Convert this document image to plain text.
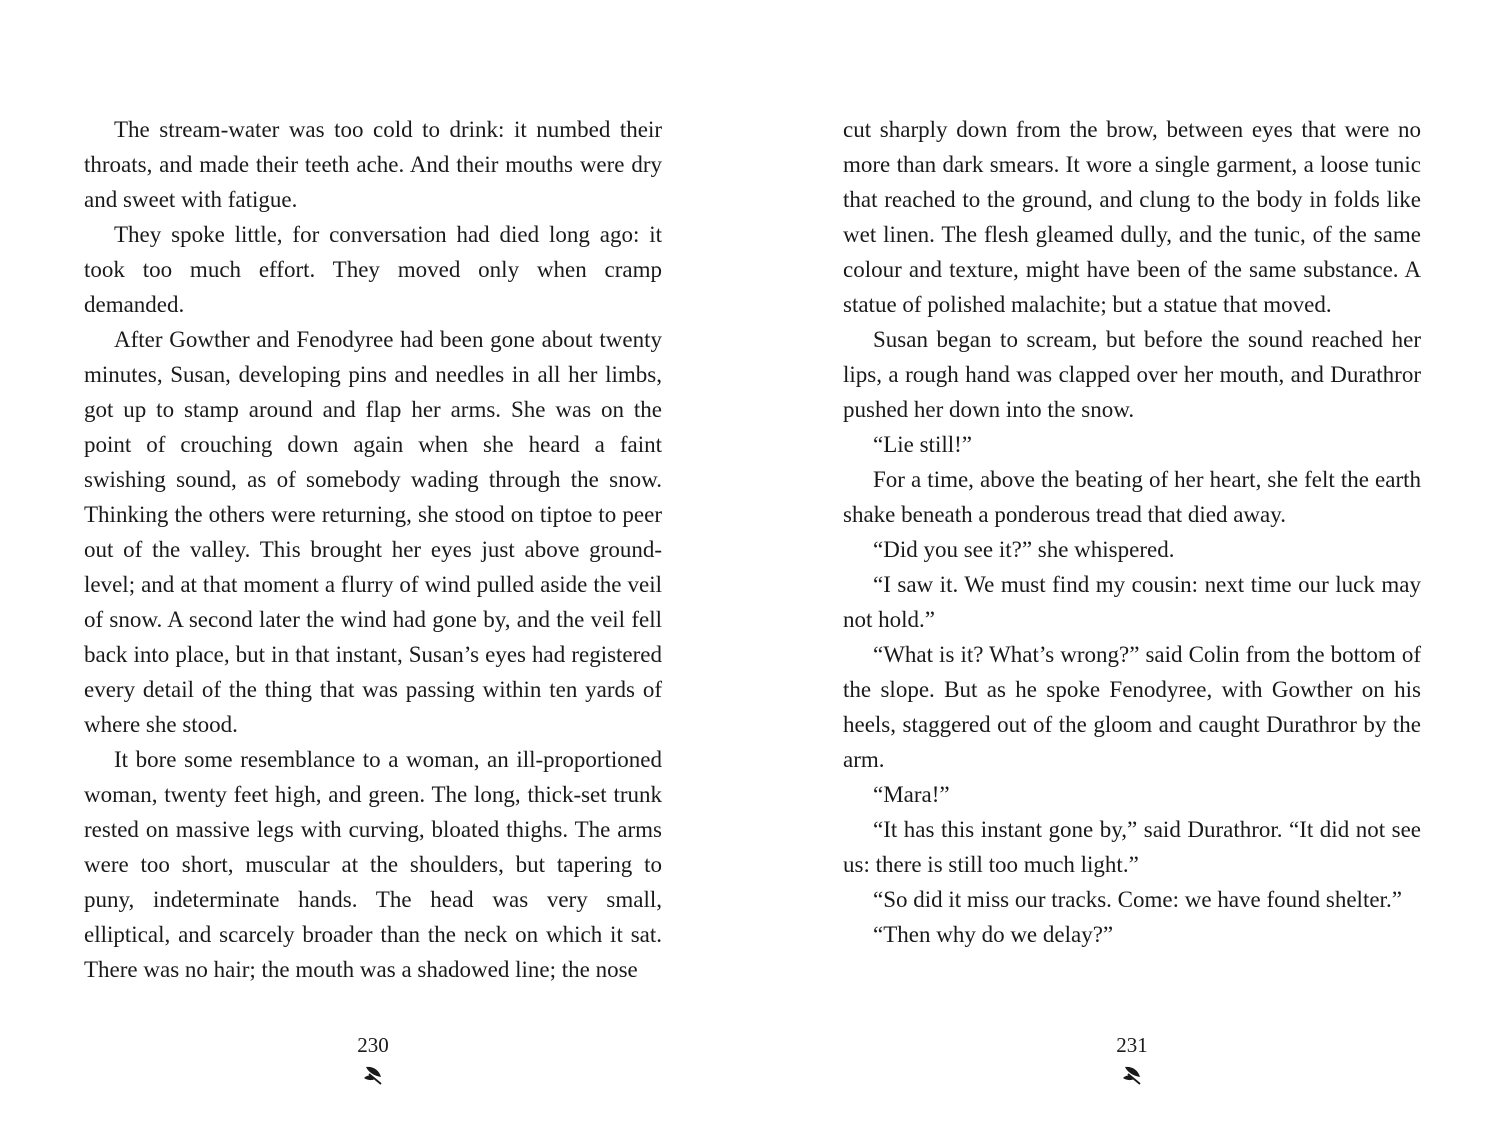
The stream-water was too cold to drink: it numbed their throats, and made their teeth ache. And their mouths were dry and sweet with fatigue.

They spoke little, for conversation had died long ago: it took too much effort. They moved only when cramp demanded.

After Gowther and Fenodyree had been gone about twenty minutes, Susan, developing pins and needles in all her limbs, got up to stamp around and flap her arms. She was on the point of crouching down again when she heard a faint swishing sound, as of somebody wading through the snow. Thinking the others were returning, she stood on tiptoe to peer out of the valley. This brought her eyes just above ground-level; and at that moment a flurry of wind pulled aside the veil of snow. A second later the wind had gone by, and the veil fell back into place, but in that instant, Susan’s eyes had registered every detail of the thing that was passing within ten yards of where she stood.

It bore some resemblance to a woman, an ill-proportioned woman, twenty feet high, and green. The long, thick-set trunk rested on massive legs with curving, bloated thighs. The arms were too short, muscular at the shoulders, but tapering to puny, indeterminate hands. The head was very small, elliptical, and scarcely broader than the neck on which it sat. There was no hair; the mouth was a shadowed line; the nose

cut sharply down from the brow, between eyes that were no more than dark smears. It wore a single garment, a loose tunic that reached to the ground, and clung to the body in folds like wet linen. The flesh gleamed dully, and the tunic, of the same colour and texture, might have been of the same substance. A statue of polished malachite; but a statue that moved.

Susan began to scream, but before the sound reached her lips, a rough hand was clapped over her mouth, and Durathror pushed her down into the snow.

“Lie still!”

For a time, above the beating of her heart, she felt the earth shake beneath a ponderous tread that died away.

“Did you see it?” she whispered.

“I saw it. We must find my cousin: next time our luck may not hold.”

“What is it? What’s wrong?” said Colin from the bottom of the slope. But as he spoke Fenodyree, with Gowther on his heels, staggered out of the gloom and caught Durathror by the arm.

“Mara!”

“It has this instant gone by,” said Durathror. “It did not see us: there is still too much light.”

“So did it miss our tracks. Come: we have found shelter.”

“Then why do we delay?”

230	231
